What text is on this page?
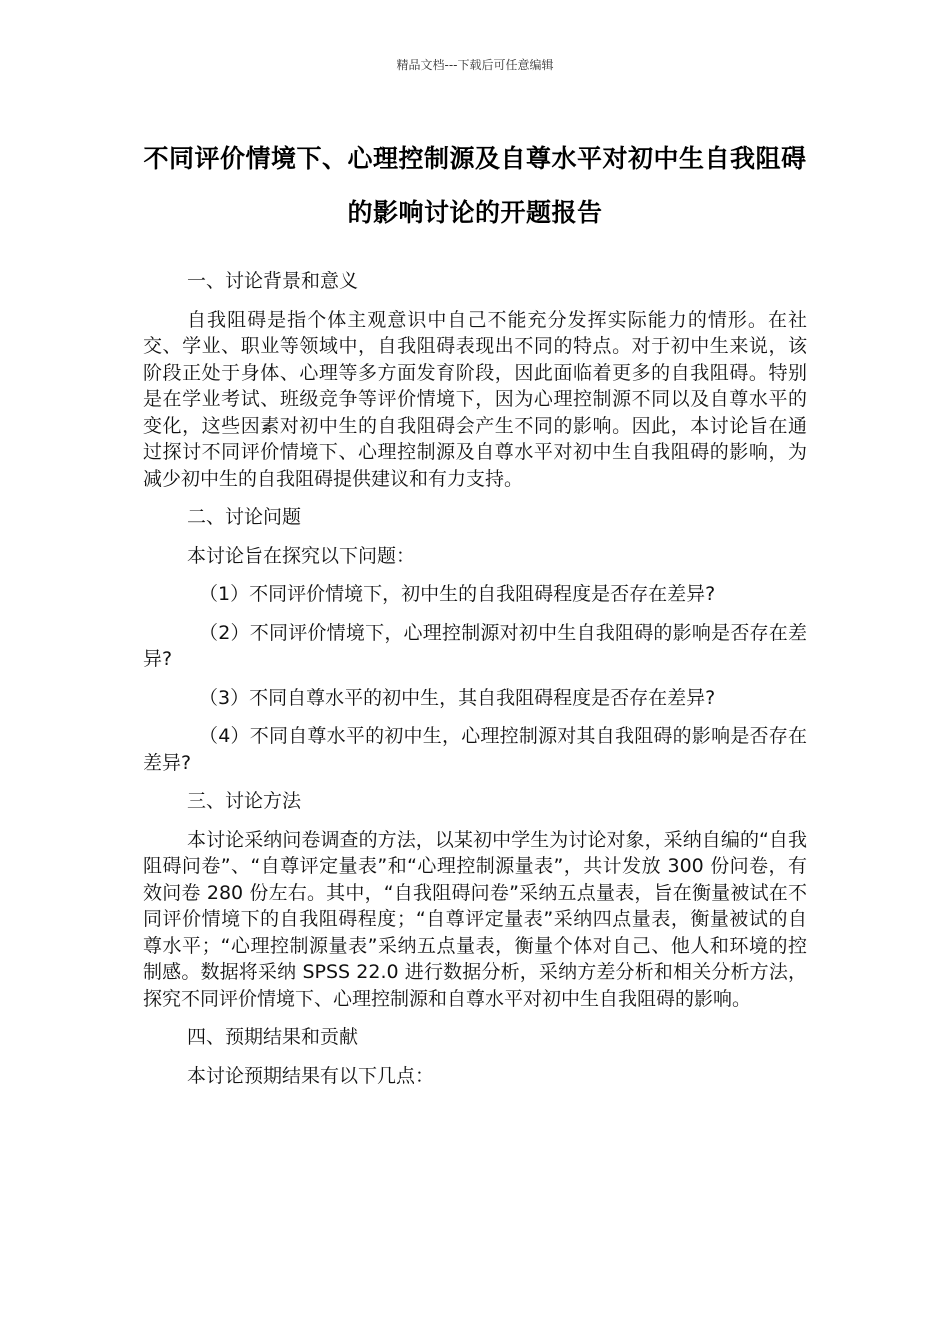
精品文档---下载后可任意编辑
不同评价情境下、心理控制源及自尊水平对初中生自我阻碍的影响讨论的开题报告

一、讨论背景和意义

自我阻碍是指个体主观意识中自己不能充分发挥实际能力的情形。在社交、学业、职业等领域中，自我阻碍表现出不同的特点。对于初中生来说，该阶段正处于身体、心理等多方面发育阶段，因此面临着更多的自我阻碍。特别是在学业考试、班级竞争等评价情境下，因为心理控制源不同以及自尊水平的变化，这些因素对初中生的自我阻碍会产生不同的影响。因此，本讨论旨在通过探讨不同评价情境下、心理控制源及自尊水平对初中生自我阻碍的影响，为减少初中生的自我阻碍提供建议和有力支持。

二、讨论问题

本讨论旨在探究以下问题：

（1）不同评价情境下，初中生的自我阻碍程度是否存在差异?

（2）不同评价情境下，心理控制源对初中生自我阻碍的影响是否存在差异?

（3）不同自尊水平的初中生，其自我阻碍程度是否存在差异?

（4）不同自尊水平的初中生，心理控制源对其自我阻碍的影响是否存在差异?

三、讨论方法

本讨论采纳问卷调查的方法，以某初中学生为讨论对象，采纳自编的“自我阻碍问卷”、“自尊评定量表”和“心理控制源量表”，共计发放 300 份问卷，有效问卷 280 份左右。其中，“自我阻碍问卷”采纳五点量表，旨在衡量被试在不同评价情境下的自我阻碍程度；“自尊评定量表”采纳四点量表，衡量被试的自尊水平；“心理控制源量表”采纳五点量表，衡量个体对自己、他人和环境的控制感。数据将采纳 SPSS 22.0 进行数据分析，采纳方差分析和相关分析方法，探究不同评价情境下、心理控制源和自尊水平对初中生自我阻碍的影响。

四、预期结果和贡献

本讨论预期结果有以下几点：
